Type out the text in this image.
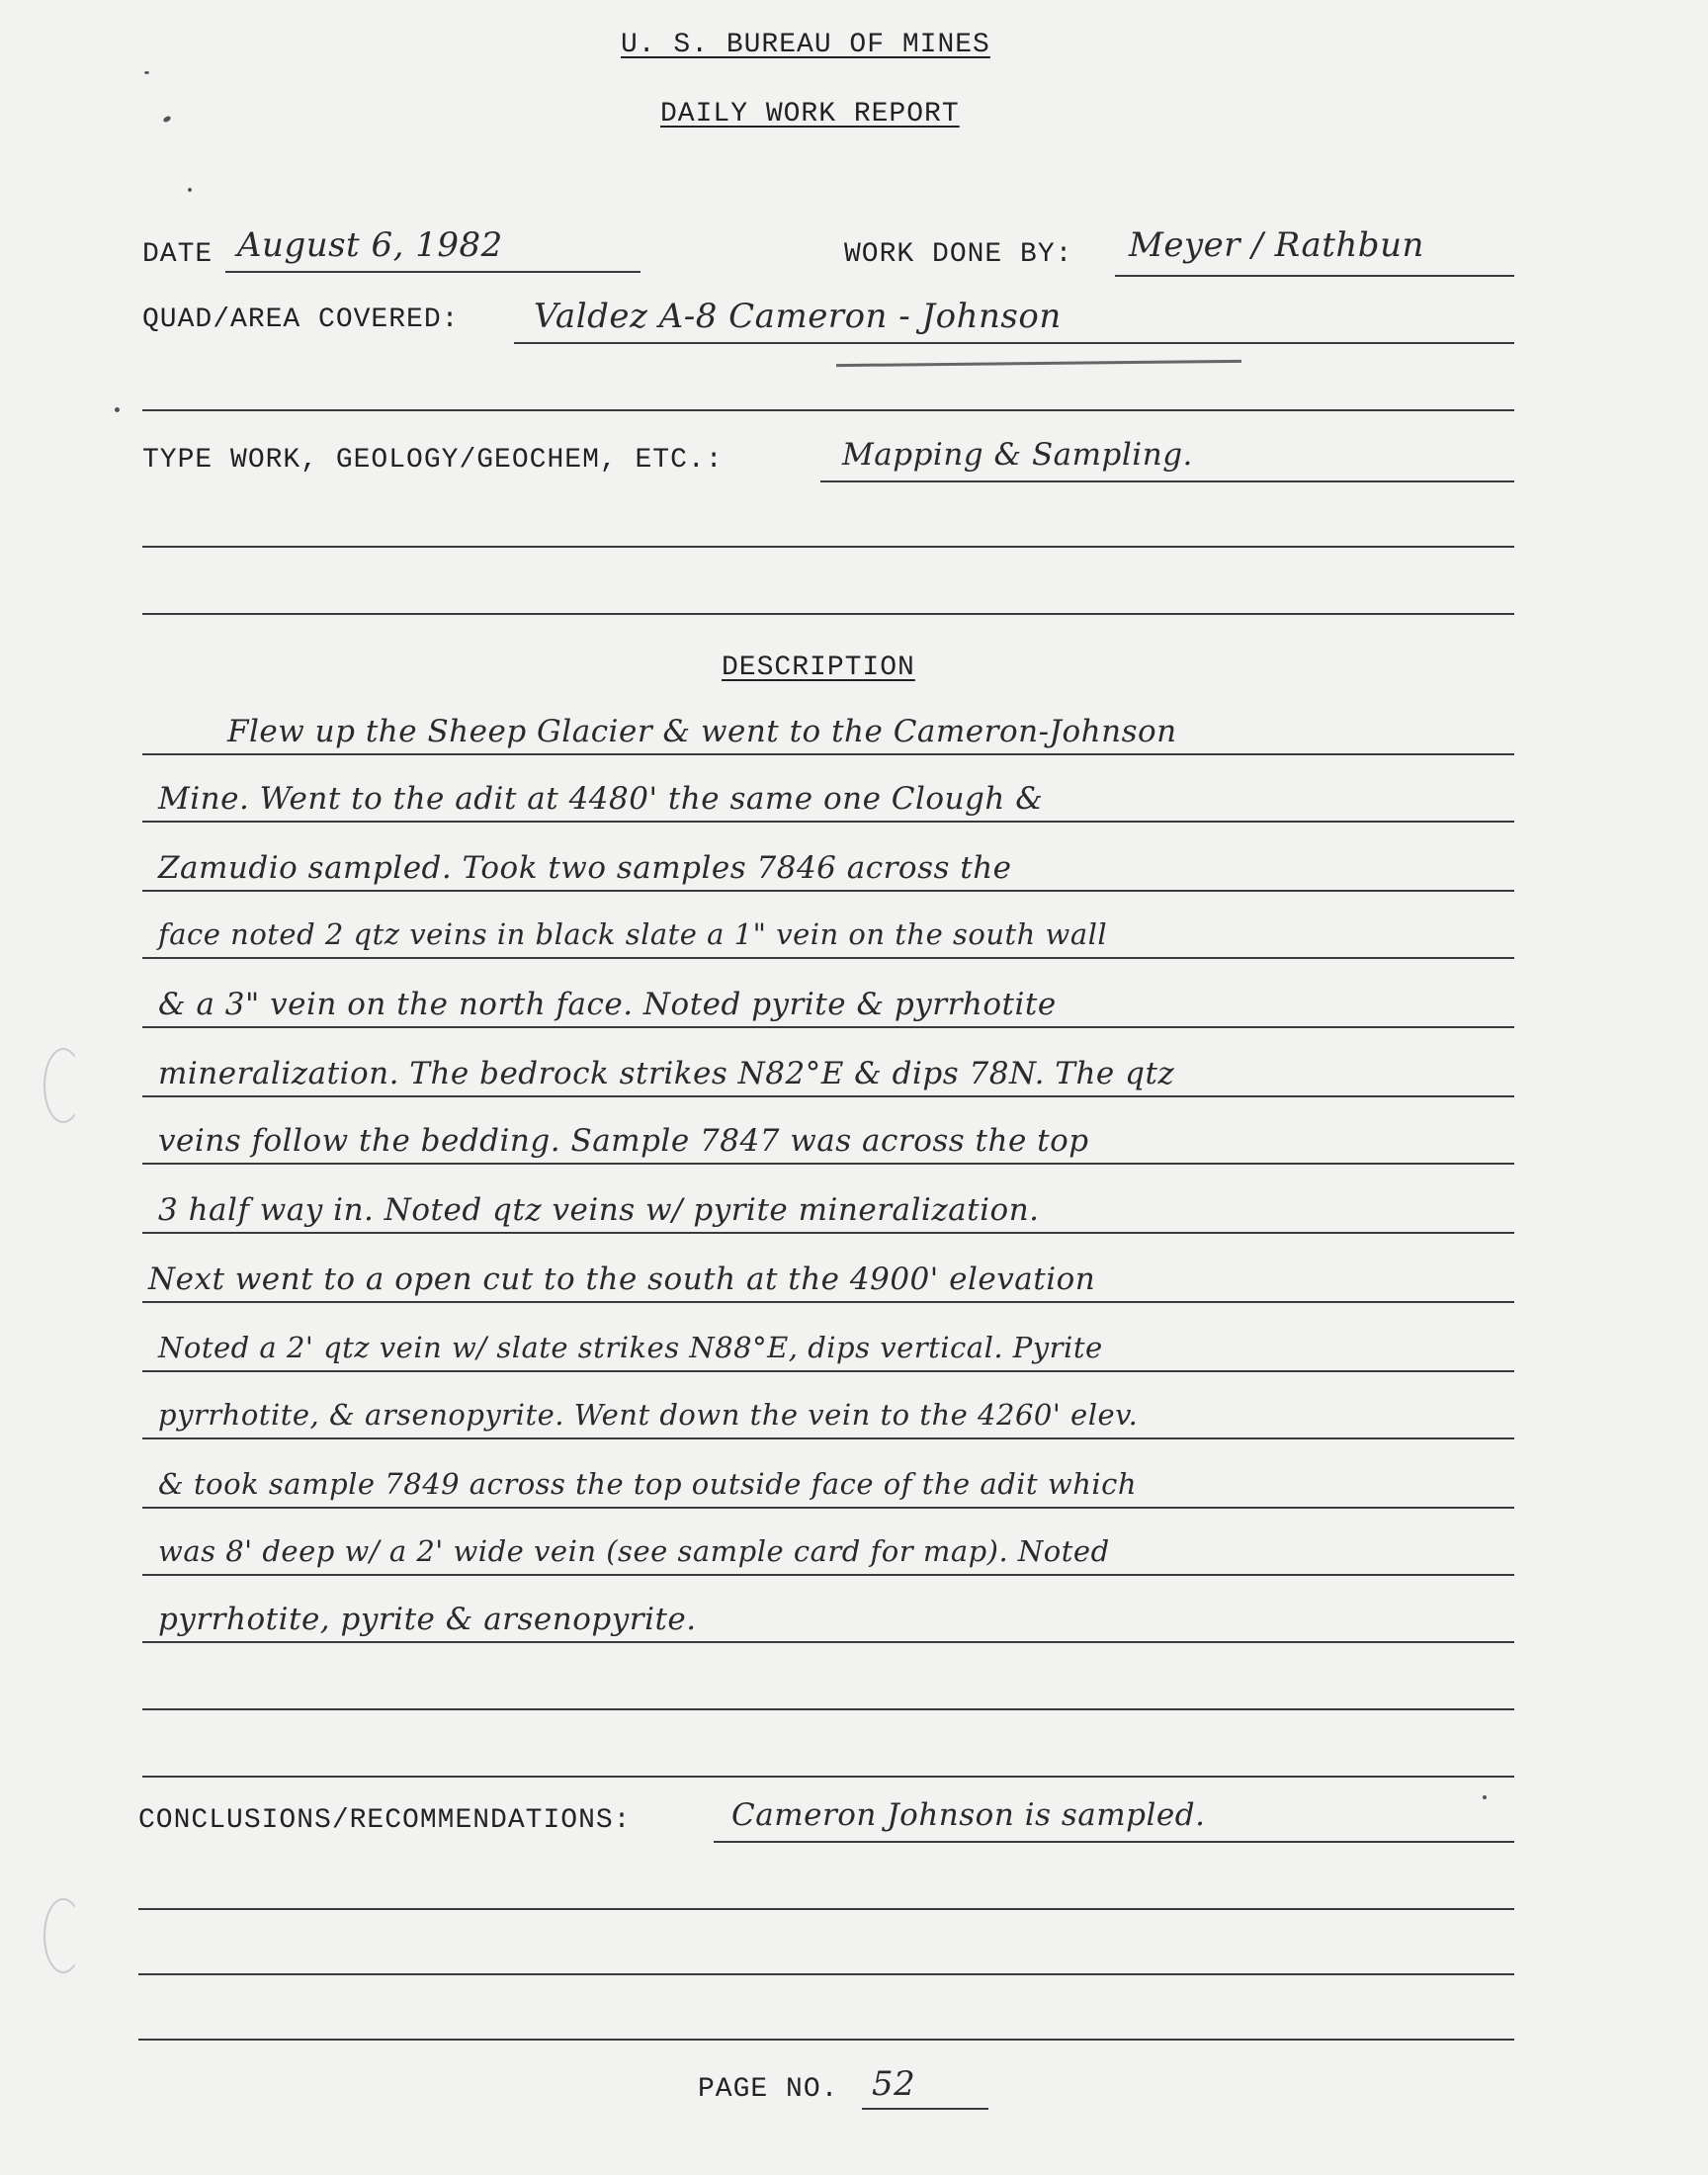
U. S. BUREAU OF MINES
DAILY WORK REPORT
DATE August 6, 1982	WORK DONE BY: Meyer / Rathbun
QUAD/AREA COVERED: Valdez A-8 Cameron - Johnson
TYPE WORK, GEOLOGY/GEOCHEM, ETC.:	Mapping & Sampling.
DESCRIPTION
Flew up the Sheep Glacier & went to the Cameron-Johnson
Mine. Went to the adit at 4480' the same one Clough &
Zamudio sampled. Took two samples 7846 across the
face noted 2 qtz veins in black slate a 1" vein on the south wall
& a 3" vein on the north face. Noted pyrite & pyrrhotite
mineralization. The bedrock strikes N82°E & dips 78N. The qtz
veins follow the bedding. Sample 7847 was across the top
3 half way in. Noted qtz veins w/ pyrite mineralization.
Next went to a open cut to the south at the 4900' elevation
Noted a 2' qtz vein w/ slate strikes N88°E, dips vertical. Pyrite
pyrrhotite, & arsenopyrite. Went down the vein to the 4260' elev.
& took sample 7849 across the top outside face of the adit which
was 8' deep w/ a 2' wide vein (see sample card for map). Noted
pyrrhotite, pyrite & arsenopyrite.
CONCLUSIONS/RECOMMENDATIONS:	Cameron Johnson is sampled.
PAGE NO. 52
